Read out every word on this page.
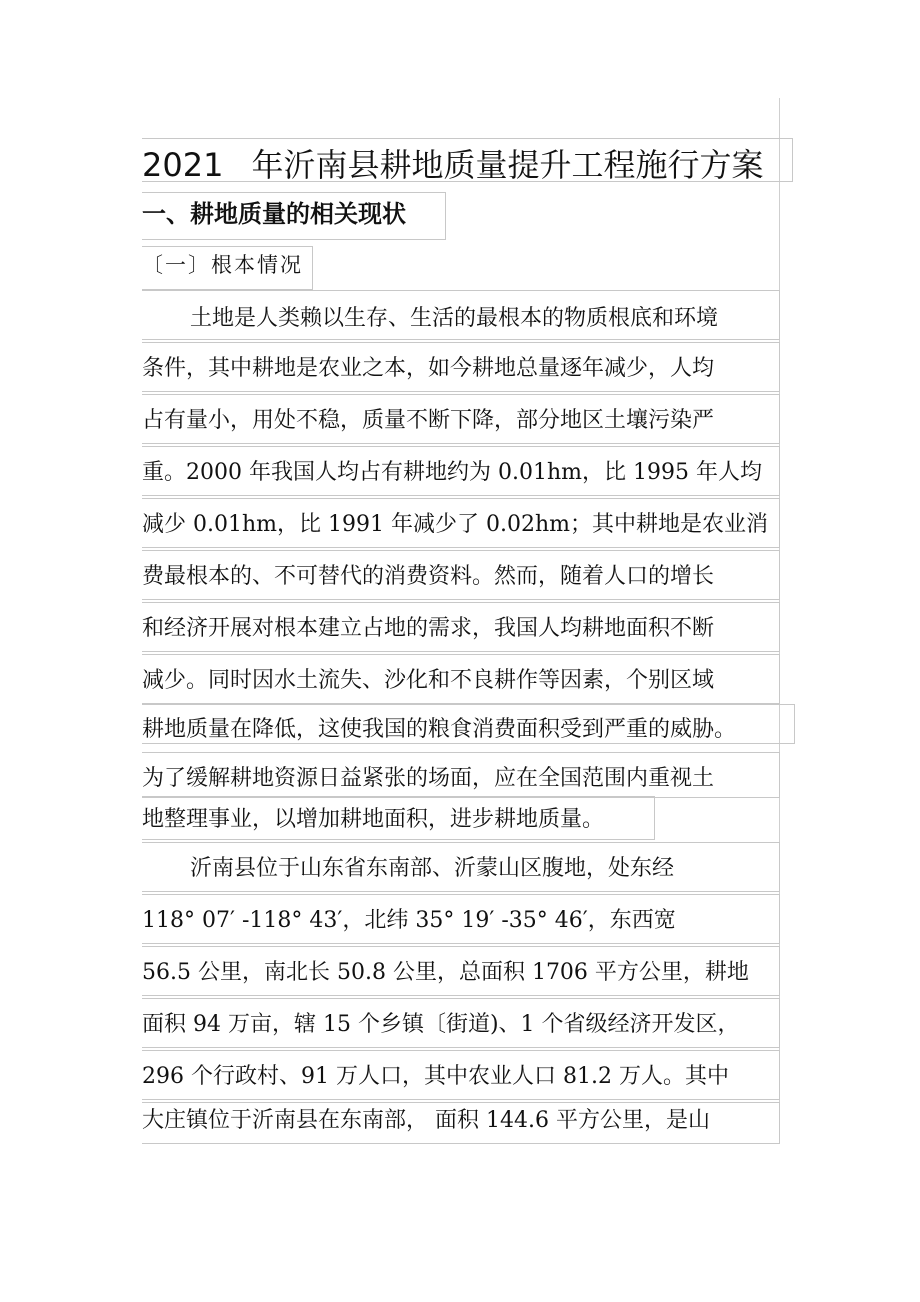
2021 年沂南县耕地质量提升工程施行方案
一、耕地质量的相关现状
〔一〕根本情况
土地是人类赖以生存、生活的最根本的物质根底和环境
条件，其中耕地是农业之本，如今耕地总量逐年减少，人均
占有量小，用处不稳，质量不断下降，部分地区土壤污染严
重。2000 年我国人均占有耕地约为 0.01hm，比 1995 年人均
减少 0.01hm，比 1991 年减少了 0.02hm；其中耕地是农业消
费最根本的、不可替代的消费资料。然而，随着人口的增长
和经济开展对根本建立占地的需求，我国人均耕地面积不断
减少。同时因水土流失、沙化和不良耕作等因素，个别区域
耕地质量在降低，这使我国的粮食消费面积受到严重的威胁。
为了缓解耕地资源日益紧张的场面，应在全国范围内重视土
地整理事业，以增加耕地面积，进步耕地质量。
沂南县位于山东省东南部、沂蒙山区腹地，处东经
118° 07′ -118° 43′，北纬 35° 19′ -35° 46′，东西宽
56.5 公里，南北长 50.8 公里，总面积 1706 平方公里，耕地
面积 94 万亩，辖 15 个乡镇〔街道)、1 个省级经济开发区，
296 个行政村、91 万人口，其中农业人口 81.2 万人。其中
大庄镇位于沂南县在东南部， 面积 144.6 平方公里，是山
